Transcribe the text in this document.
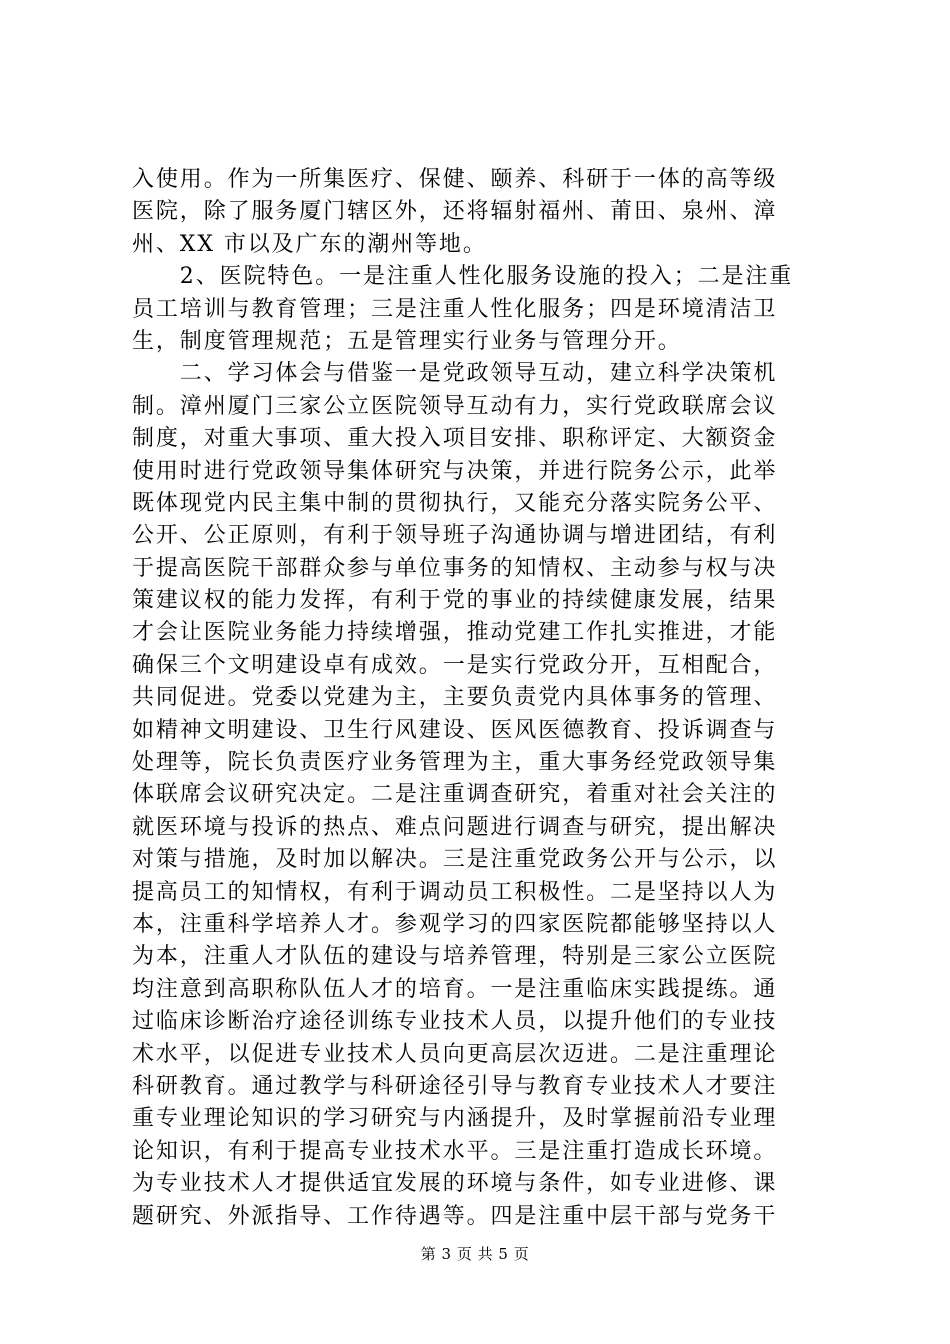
入使用。作为一所集医疗、保健、颐养、科研于一体的高等级
医院，除了服务厦门辖区外，还将辐射福州、莆田、泉州、漳
州、XX 市以及广东的潮州等地。
　　2、医院特色。一是注重人性化服务设施的投入；二是注重
员工培训与教育管理；三是注重人性化服务；四是环境清洁卫
生，制度管理规范；五是管理实行业务与管理分开。
　　二、学习体会与借鉴一是党政领导互动，建立科学决策机
制。漳州厦门三家公立医院领导互动有力，实行党政联席会议
制度，对重大事项、重大投入项目安排、职称评定、大额资金
使用时进行党政领导集体研究与决策，并进行院务公示，此举
既体现党内民主集中制的贯彻执行，又能充分落实院务公平、
公开、公正原则，有利于领导班子沟通协调与增进团结，有利
于提高医院干部群众参与单位事务的知情权、主动参与权与决
策建议权的能力发挥，有利于党的事业的持续健康发展，结果
才会让医院业务能力持续增强，推动党建工作扎实推进，才能
确保三个文明建设卓有成效。一是实行党政分开，互相配合，
共同促进。党委以党建为主，主要负责党内具体事务的管理、
如精神文明建设、卫生行风建设、医风医德教育、投诉调查与
处理等，院长负责医疗业务管理为主，重大事务经党政领导集
体联席会议研究决定。二是注重调查研究，着重对社会关注的
就医环境与投诉的热点、难点问题进行调查与研究，提出解决
对策与措施，及时加以解决。三是注重党政务公开与公示，以
提高员工的知情权，有利于调动员工积极性。二是坚持以人为
本，注重科学培养人才。参观学习的四家医院都能够坚持以人
为本，注重人才队伍的建设与培养管理，特别是三家公立医院
均注意到高职称队伍人才的培育。一是注重临床实践提练。通
过临床诊断治疗途径训练专业技术人员，以提升他们的专业技
术水平，以促进专业技术人员向更高层次迈进。二是注重理论
科研教育。通过教学与科研途径引导与教育专业技术人才要注
重专业理论知识的学习研究与内涵提升，及时掌握前沿专业理
论知识，有利于提高专业技术水平。三是注重打造成长环境。
为专业技术人才提供适宜发展的环境与条件，如专业进修、课
题研究、外派指导、工作待遇等。四是注重中层干部与党务干
第 3 页 共 5 页
